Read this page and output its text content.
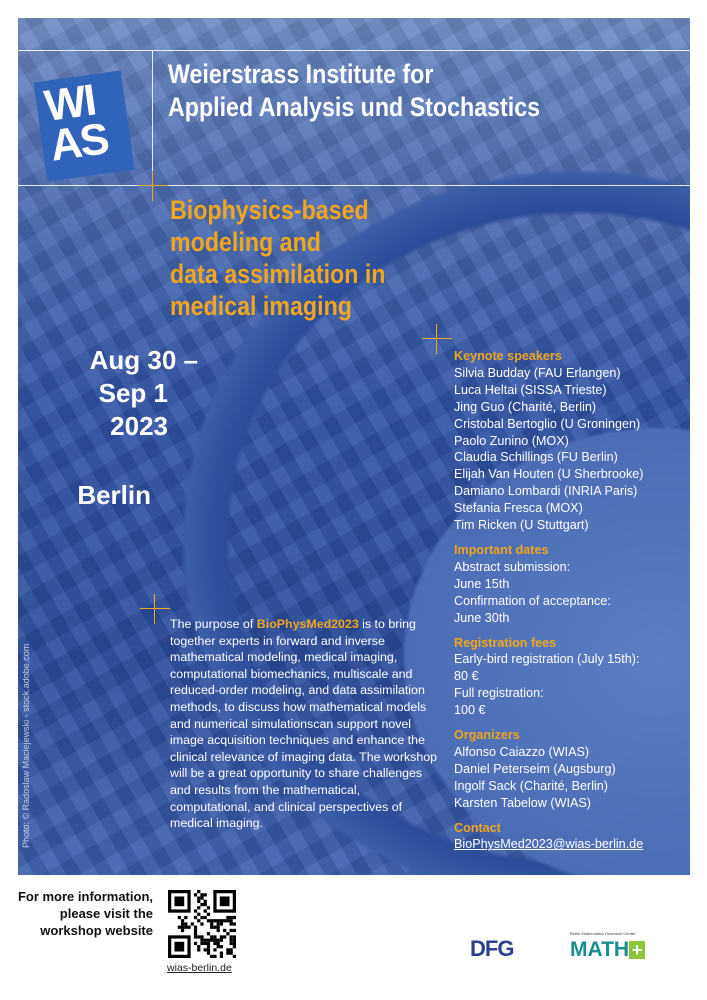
WIAS
Weierstrass Institute for
Applied Analysis und Stochastics
Biophysics-based
modeling and
data assimilation in
medical imaging
Aug 30 –
Sep 1
2023
Berlin
Keynote speakers
Silvia Budday (FAU Erlangen)
Luca Heltai (SISSA Trieste)
Jing Guo (Charité, Berlin)
Cristobal Bertoglio (U Groningen)
Paolo Zunino (MOX)
Claudia Schillings (FU Berlin)
Elijah Van Houten (U Sherbrooke)
Damiano Lombardi (INRIA Paris)
Stefania Fresca (MOX)
Tim Ricken (U Stuttgart)
Important dates
Abstract submission:
June 15th
Confirmation of acceptance:
June 30th
Registration fees
Early-bird registration (July 15th):
80 €
Full registration:
100 €
Organizers
Alfonso Caiazzo (WIAS)
Daniel Peterseim (Augsburg)
Ingolf Sack (Charité, Berlin)
Karsten Tabelow (WIAS)
Contact
BioPhysMed2023@wias-berlin.de
The purpose of BioPhysMed2023 is to bring together experts in forward and inverse mathematical modeling, medical imaging, computational biomechanics, multiscale and reduced-order modeling, and data assimilation methods, to discuss how mathematical models and numerical simulationscan support novel image acquisition techniques and enhance the clinical relevance of imaging data. The workshop will be a great opportunity to share challenges and results from the mathematical, computational, and clinical perspectives of medical imaging.
Photo: © Radoslaw Maciejewski - stock.adobe.com
For more information,
please visit the
workshop website
wias-berlin.de
DFG
Berlin Mathematics Research Center
MATH +
